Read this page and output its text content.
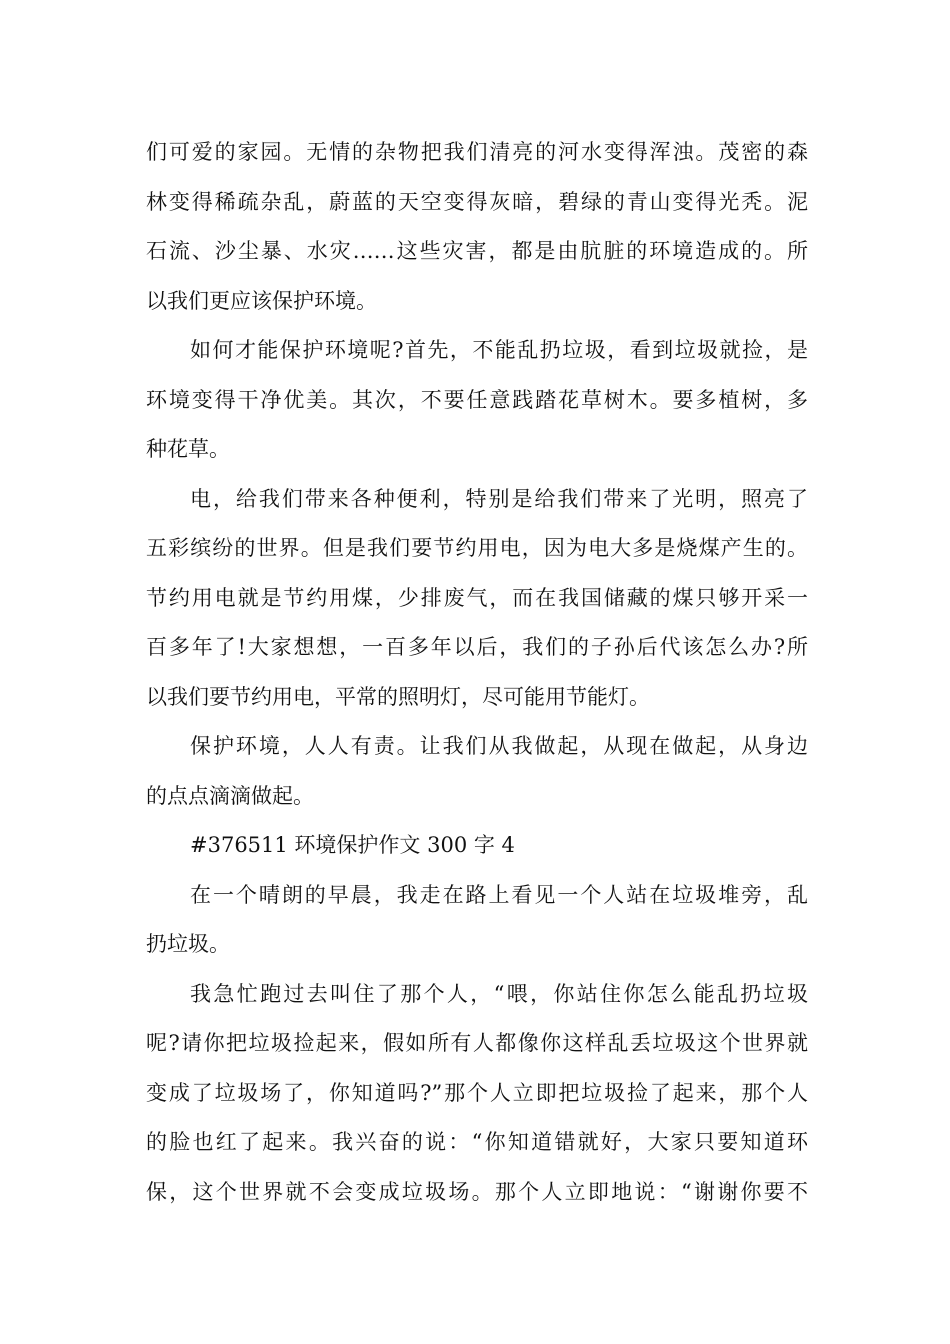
们可爱的家园。无情的杂物把我们清亮的河水变得浑浊。茂密的森
林变得稀疏杂乱，蔚蓝的天空变得灰暗，碧绿的青山变得光秃。泥
石流、沙尘暴、水灾……这些灾害，都是由肮脏的环境造成的。所
以我们更应该保护环境。
如何才能保护环境呢?首先，不能乱扔垃圾，看到垃圾就捡，是
环境变得干净优美。其次，不要任意践踏花草树木。要多植树，多
种花草。
电，给我们带来各种便利，特别是给我们带来了光明，照亮了
五彩缤纷的世界。但是我们要节约用电，因为电大多是烧煤产生的。
节约用电就是节约用煤，少排废气，而在我国储藏的煤只够开采一
百多年了!大家想想，一百多年以后，我们的子孙后代该怎么办?所
以我们要节约用电，平常的照明灯，尽可能用节能灯。
保护环境，人人有责。让我们从我做起，从现在做起，从身边
的点点滴滴做起。
#376511 环境保护作文 300 字 4
在一个晴朗的早晨，我走在路上看见一个人站在垃圾堆旁，乱
扔垃圾。
我急忙跑过去叫住了那个人，“喂，你站住你怎么能乱扔垃圾
呢?请你把垃圾捡起来，假如所有人都像你这样乱丢垃圾这个世界就
变成了垃圾场了，你知道吗?”那个人立即把垃圾捡了起来，那个人
的脸也红了起来。我兴奋的说：“你知道错就好，大家只要知道环
保，这个世界就不会变成垃圾场。那个人立即地说：“谢谢你要不
